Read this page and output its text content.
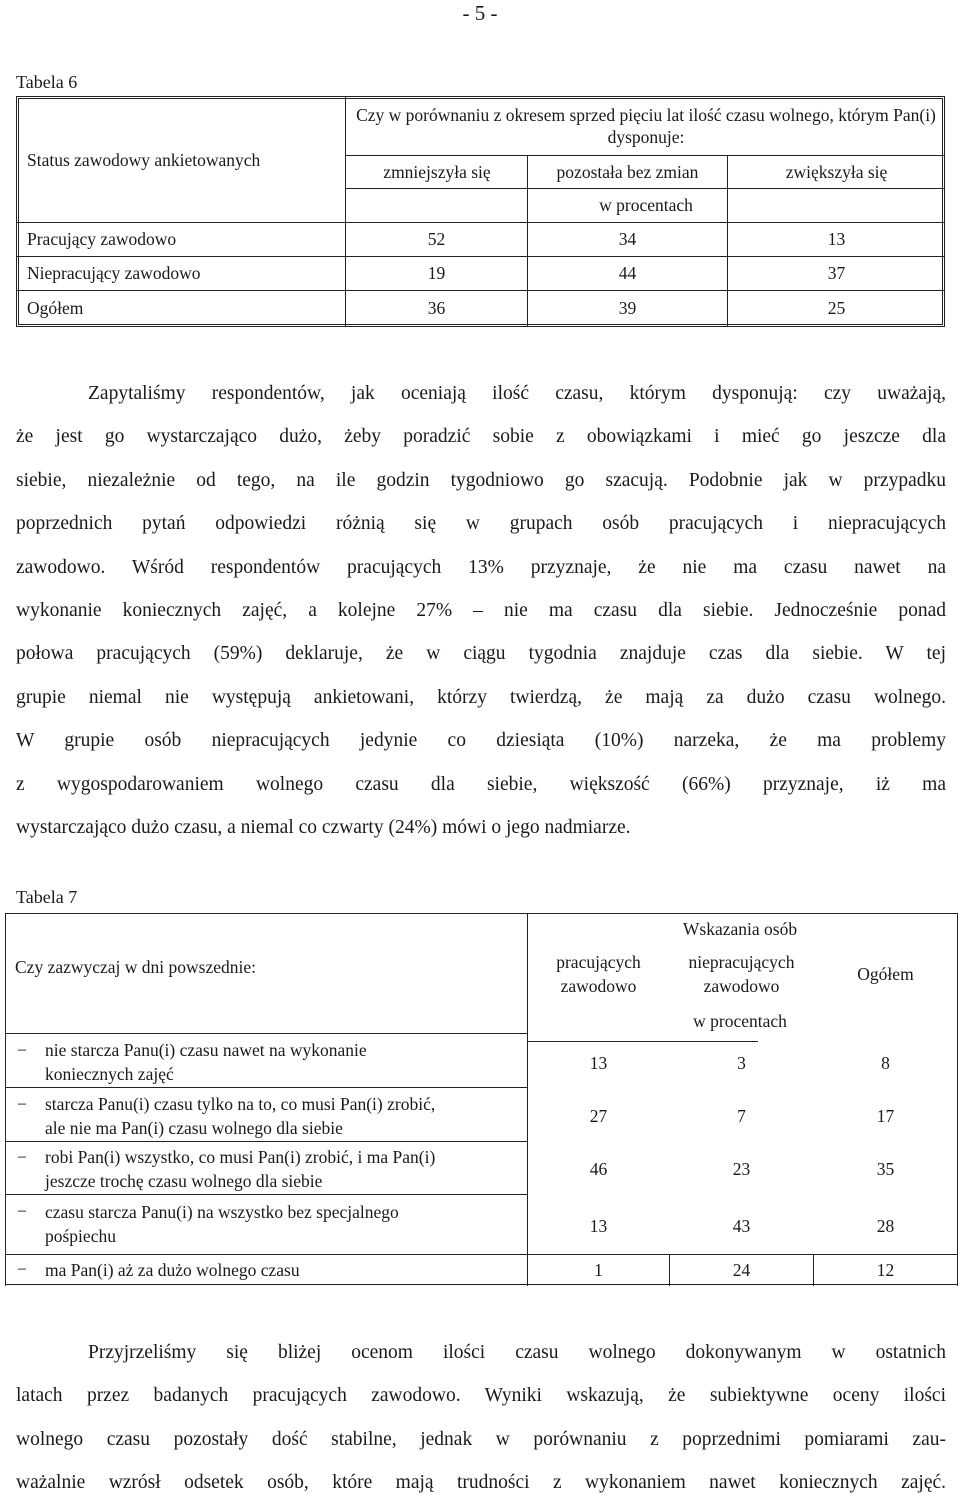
- 5 -
Tabela 6
Status zawodowy ankietowanych
Czy w porównaniu z okresem sprzed pięciu lat ilość czasu wolnego, którym Pan(i) dysponuje:
zmniejszyła się	pozostała bez zmian	zwiększyła się
w procentach
Pracujący zawodowo	52	34	13
Niepracujący zawodowo	19	44	37
Ogółem	36	39	25
Zapytaliśmy respondentów, jak oceniają ilość czasu, którym dysponują: czy uważają,
że jest go wystarczająco dużo, żeby poradzić sobie z obowiązkami i mieć go jeszcze dla
siebie, niezależnie od tego, na ile godzin tygodniowo go szacują. Podobnie jak w przypadku
poprzednich pytań odpowiedzi różnią się w grupach osób pracujących i niepracujących
zawodowo. Wśród respondentów pracujących 13% przyznaje, że nie ma czasu nawet na
wykonanie koniecznych zajęć, a kolejne 27% – nie ma czasu dla siebie. Jednocześnie ponad
połowa pracujących (59%) deklaruje, że w ciągu tygodnia znajduje czas dla siebie. W tej
grupie niemal nie występują ankietowani, którzy twierdzą, że mają za dużo czasu wolnego.
W grupie osób niepracujących jedynie co dziesiąta (10%) narzeka, że ma problemy
z wygospodarowaniem wolnego czasu dla siebie, większość (66%) przyznaje, iż ma
wystarczająco dużo czasu, a niemal co czwarty (24%) mówi o jego nadmiarze.
Tabela 7
Czy zazwyczaj w dni powszednie:
Wskazania osób
pracujących
zawodowo
niepracujących
zawodowo
Ogółem
w procentach
− nie starcza Panu(i) czasu nawet na wykonanie
koniecznych zajęć
13	3	8
− starcza Panu(i) czasu tylko na to, co musi Pan(i) zrobić,
ale nie ma Pan(i) czasu wolnego dla siebie
27	7	17
− robi Pan(i) wszystko, co musi Pan(i) zrobić, i ma Pan(i)
jeszcze trochę czasu wolnego dla siebie
46	23	35
− czasu starcza Panu(i) na wszystko bez specjalnego
pośpiechu	13	43	28
− ma Pan(i) aż za dużo wolnego czasu	1	24	12
Przyjrzeliśmy się bliżej ocenom ilości czasu wolnego dokonywanym w ostatnich
latach przez badanych pracujących zawodowo. Wyniki wskazują, że subiektywne oceny ilości
wolnego czasu pozostały dość stabilne, jednak w porównaniu z poprzednimi pomiarami zau-
ważalnie wzrósł odsetek osób, które mają trudności z wykonaniem nawet koniecznych zajęć.
